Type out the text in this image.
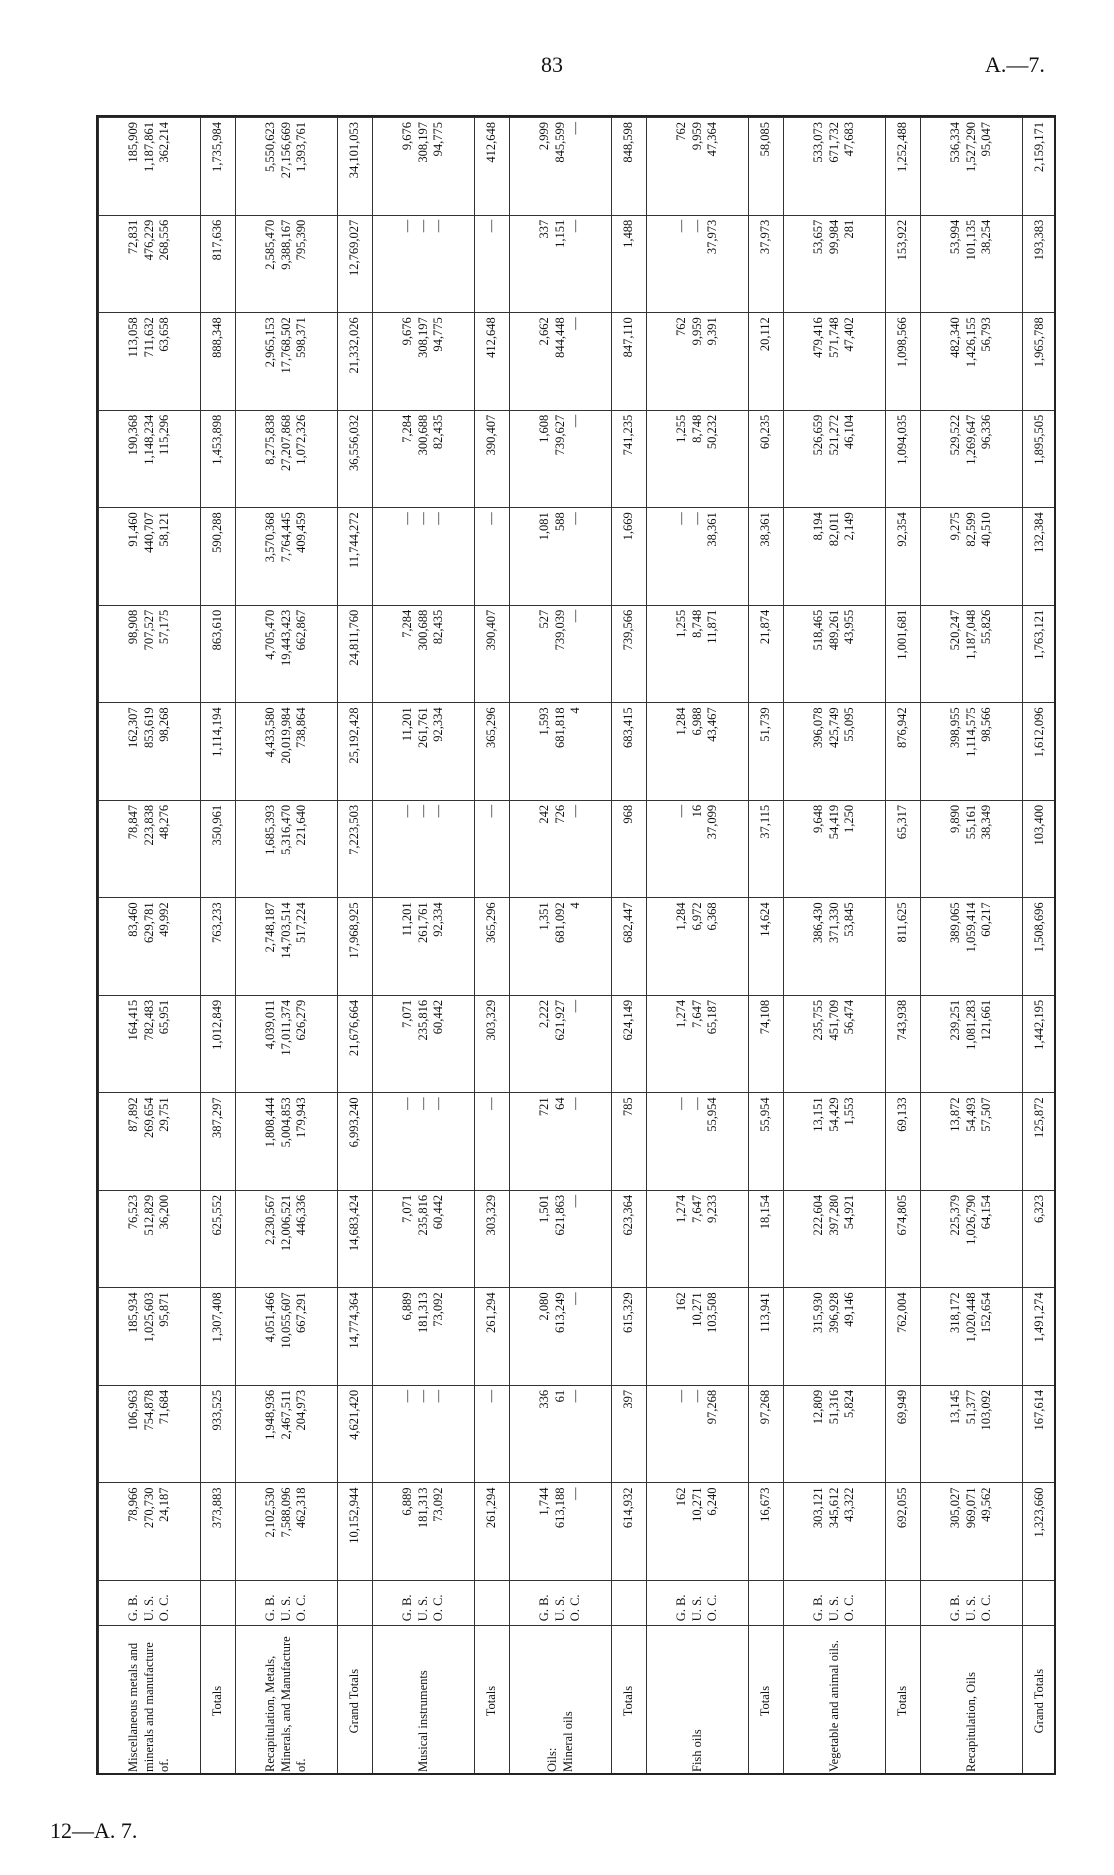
83	A.—7.
Miscellaneous metals and minerals and manufacture of.	G. B.
U. S.
O. C.	78,966
270,730
24,187	106,963
754,878
71,684	185,934
1,025,603
95,871	76,523
512,829
36,200	87,892
269,654
29,751	164,415
782,483
65,951	83,460
629,781
49,992	78,847
223,838
48,276	162,307
853,619
98,268	98,908
707,527
57,175	91,460
440,707
58,121	190,368
1,148,234
115,296	113,058
711,632
63,658	72,831
476,229
268,556	185,909
1,187,861
362,214
Totals		373,883	933,525	1,307,408	625,552	387,297	1,012,849	763,233	350,961	1,114,194	863,610	590,288	1,453,898	888,348	817,636	1,735,984
Recapitulation, Metals, Minerals, and Manufacture of.	G. B.
U. S.
O. C.	2,102,530
7,588,096
462,318	1,948,936
2,467,511
204,973	4,051,466
10,055,607
667,291	2,230,567
12,006,521
446,336	1,808,444
5,004,853
179,943	4,039,011
17,011,374
626,279	2,748,187
14,703,514
517,224	1,685,393
5,316,470
221,640	4,433,580
20,019,984
738,864	4,705,470
19,443,423
662,867	3,570,368
7,764,445
409,459	8,275,838
27,207,868
1,072,326	2,965,153
17,768,502
598,371	2,585,470
9,388,167
795,390	5,550,623
27,156,669
1,393,761
Grand Totals		10,152,944	4,621,420	14,774,364	14,683,424	6,993,240	21,676,664	17,968,925	7,223,503	25,192,428	24,811,760	11,744,272	36,556,032	21,332,026	12,769,027	34,101,053
Musical instruments	G. B.
U. S.
O. C.	6,889
181,313
73,092	—
—
—	6,889
181,313
73,092	7,071
235,816
60,442	—
—
—	7,071
235,816
60,442	11,201
261,761
92,334	—
—
—	11,201
261,761
92,334	7,284
300,688
82,435	—
—
—	7,284
300,688
82,435	9,676
308,197
94,775	—
—
—	9,676
308,197
94,775
Totals		261,294	—	261,294	303,329	—	303,329	365,296	—	365,296	390,407	—	390,407	412,648	—	412,648
Oils:
Mineral oils	G. B.
U. S.
O. C.	1,744
613,188
—	336
61
—	2,080
613,249
—	1,501
621,863
—	721
64
—	2,222
621,927
—	1,351
681,092
4	242
726
—	1,593
681,818
4	527
739,039
—	1,081
588
—	1,608
739,627
—	2,662
844,448
—	337
1,151
—	2,999
845,599
—
Totals		614,932	397	615,329	623,364	785	624,149	682,447	968	683,415	739,566	1,669	741,235	847,110	1,488	848,598
Fish oils	G. B.
U. S.
O. C.	162
10,271
6,240	—
—
97,268	162
10,271
103,508	1,274
7,647
9,233	—
—
55,954	1,274
7,647
65,187	1,284
6,972
6,368	—
16
37,099	1,284
6,988
43,467	1,255
8,748
11,871	—
—
38,361	1,255
8,748
50,232	762
9,959
9,391	—
—
37,973	762
9,959
47,364
Totals		16,673	97,268	113,941	18,154	55,954	74,108	14,624	37,115	51,739	21,874	38,361	60,235	20,112	37,973	58,085
Vegetable and animal oils.	G. B.
U. S.
O. C.	303,121
345,612
43,322	12,809
51,316
5,824	315,930
396,928
49,146	222,604
397,280
54,921	13,151
54,429
1,553	235,755
451,709
56,474	386,430
371,330
53,845	9,648
54,419
1,250	396,078
425,749
55,095	518,465
489,261
43,955	8,194
82,011
2,149	526,659
521,272
46,104	479,416
571,748
47,402	53,657
99,984
281	533,073
671,732
47,683
Totals		692,055	69,949	762,004	674,805	69,133	743,938	811,625	65,317	876,942	1,001,681	92,354	1,094,035	1,098,566	153,922	1,252,488
Recapitulation, Oils	G. B.
U. S.
O. C.	305,027
969,071
49,562	13,145
51,377
103,092	318,172
1,020,448
152,654	225,379
1,026,790
64,154	13,872
54,493
57,507	239,251
1,081,283
121,661	389,065
1,059,414
60,217	9,890
55,161
38,349	398,955
1,114,575
98,566	520,247
1,187,048
55,826	9,275
82,599
40,510	529,522
1,269,647
96,336	482,340
1,426,155
56,793	53,994
101,135
38,254	536,334
1,527,290
95,047
Grand Totals		1,323,660	167,614	1,491,274	6,323	125,872	1,442,195	1,508,696	103,400	1,612,096	1,763,121	132,384	1,895,505	1,965,788	193,383	2,159,171
12—A. 7.
